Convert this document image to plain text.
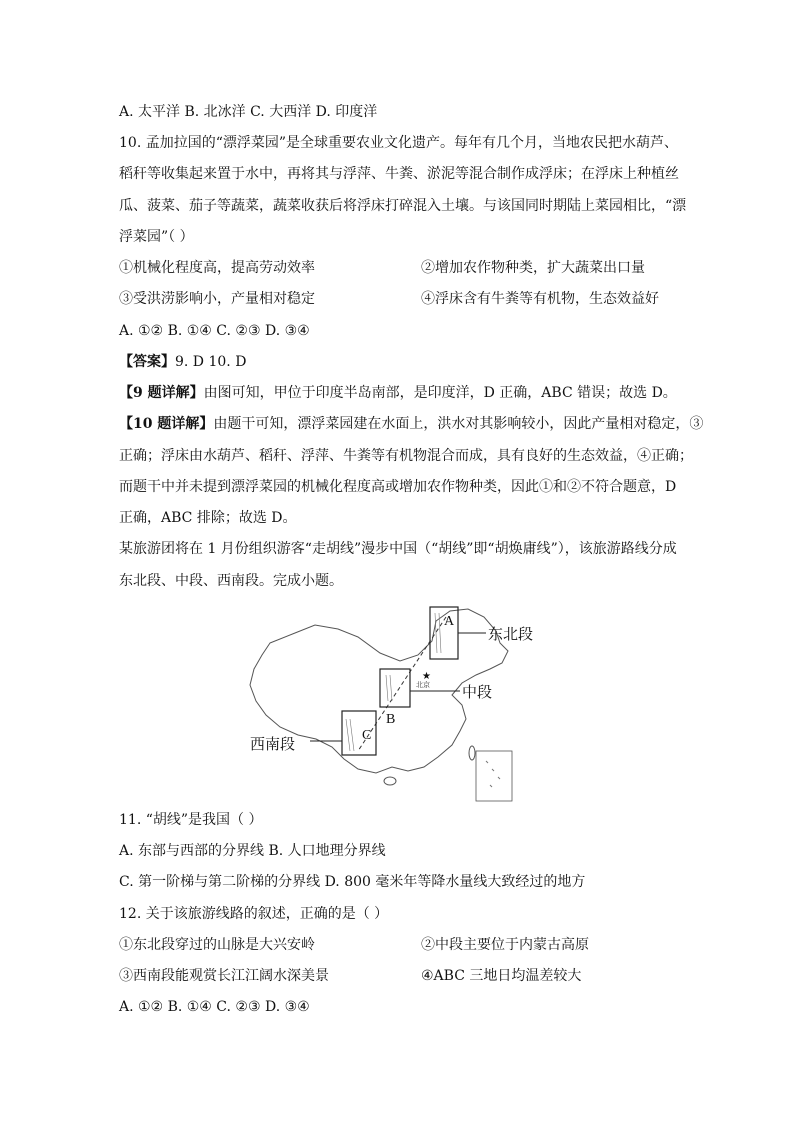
A. 太平洋 B. 北冰洋 C. 大西洋 D. 印度洋
10. 孟加拉国的“漂浮菜园”是全球重要农业文化遗产。每年有几个月，当地农民把水葫芦、
稻秆等收集起来置于水中，再将其与浮萍、牛粪、淤泥等混合制作成浮床；在浮床上种植丝
瓜、菠菜、茄子等蔬菜，蔬菜收获后将浮床打碎混入土壤。与该国同时期陆上菜园相比，“漂
浮菜园”（ ）
①机械化程度高，提高劳动效率	②增加农作物种类，扩大蔬菜出口量
③受洪涝影响小，产量相对稳定	④浮床含有牛粪等有机物，生态效益好
A. ①② B. ①④ C. ②③ D. ③④
【答案】9. D 10. D
【9 题详解】由图可知，甲位于印度半岛南部，是印度洋，D 正确，ABC 错误；故选 D。
【10 题详解】由题干可知，漂浮菜园建在水面上，洪水对其影响较小，因此产量相对稳定，③
正确；浮床由水葫芦、稻秆、浮萍、牛粪等有机物混合而成，具有良好的生态效益，④正确；
而题干中并未提到漂浮菜园的机械化程度高或增加农作物种类，因此①和②不符合题意，D
正确，ABC 排除；故选 D。
某旅游团将在 1 月份组织游客“走胡线”漫步中国（“胡线”即“胡焕庸线”），该旅游路线分成
东北段、中段、西南段。完成小题。
A
B
C
东北段
中段
西南段
★
北京
11. “胡线”是我国（ ）
A. 东部与西部的分界线 B. 人口地理分界线
C. 第一阶梯与第二阶梯的分界线 D. 800 毫米年等降水量线大致经过的地方
12. 关于该旅游线路的叙述，正确的是（ ）
①东北段穿过的山脉是大兴安岭	②中段主要位于内蒙古高原
③西南段能观赏长江江阔水深美景	④ABC 三地日均温差较大
A. ①② B. ①④ C. ②③ D. ③④
